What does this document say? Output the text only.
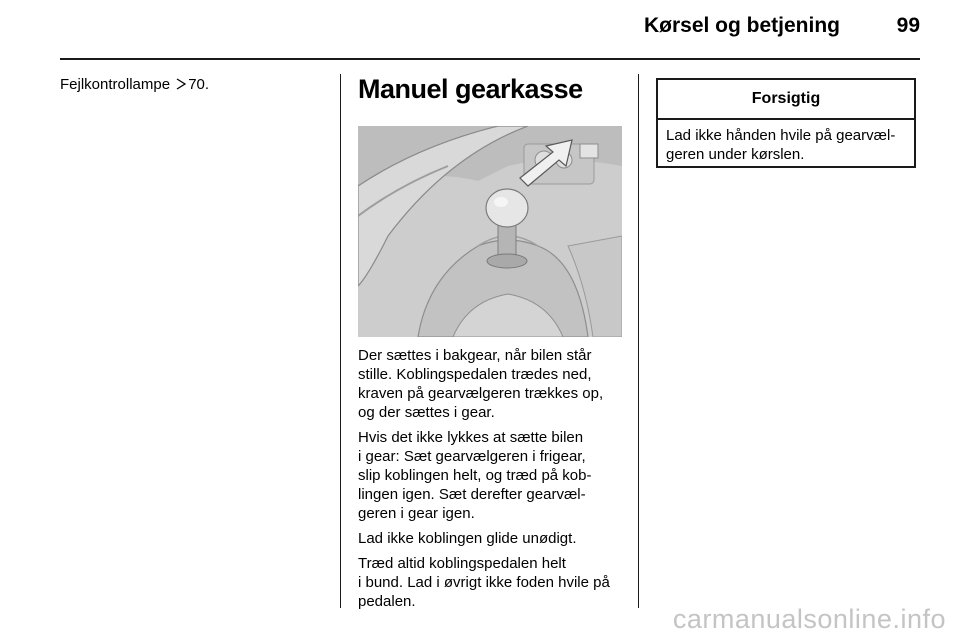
Kørsel og betjening	99
Fejlkontrollampe 70.	Manuel gearkasse

Der sættes i bakgear, når bilen står
stille. Koblingspedalen trædes ned,
kraven på gearvælgeren trækkes op,
og der sættes i gear.

Hvis det ikke lykkes at sætte bilen
i gear: Sæt gearvælgeren i frigear,
slip koblingen helt, og træd på kob-
lingen igen. Sæt derefter gearvæl-
geren i gear igen.

Lad ikke koblingen glide unødigt.

Træd altid koblingspedalen helt
i bund. Lad i øvrigt ikke foden hvile på
pedalen.

Forsigtig
Lad ikke hånden hvile på gearvæl-
geren under kørslen.
carmanualsonline.info
